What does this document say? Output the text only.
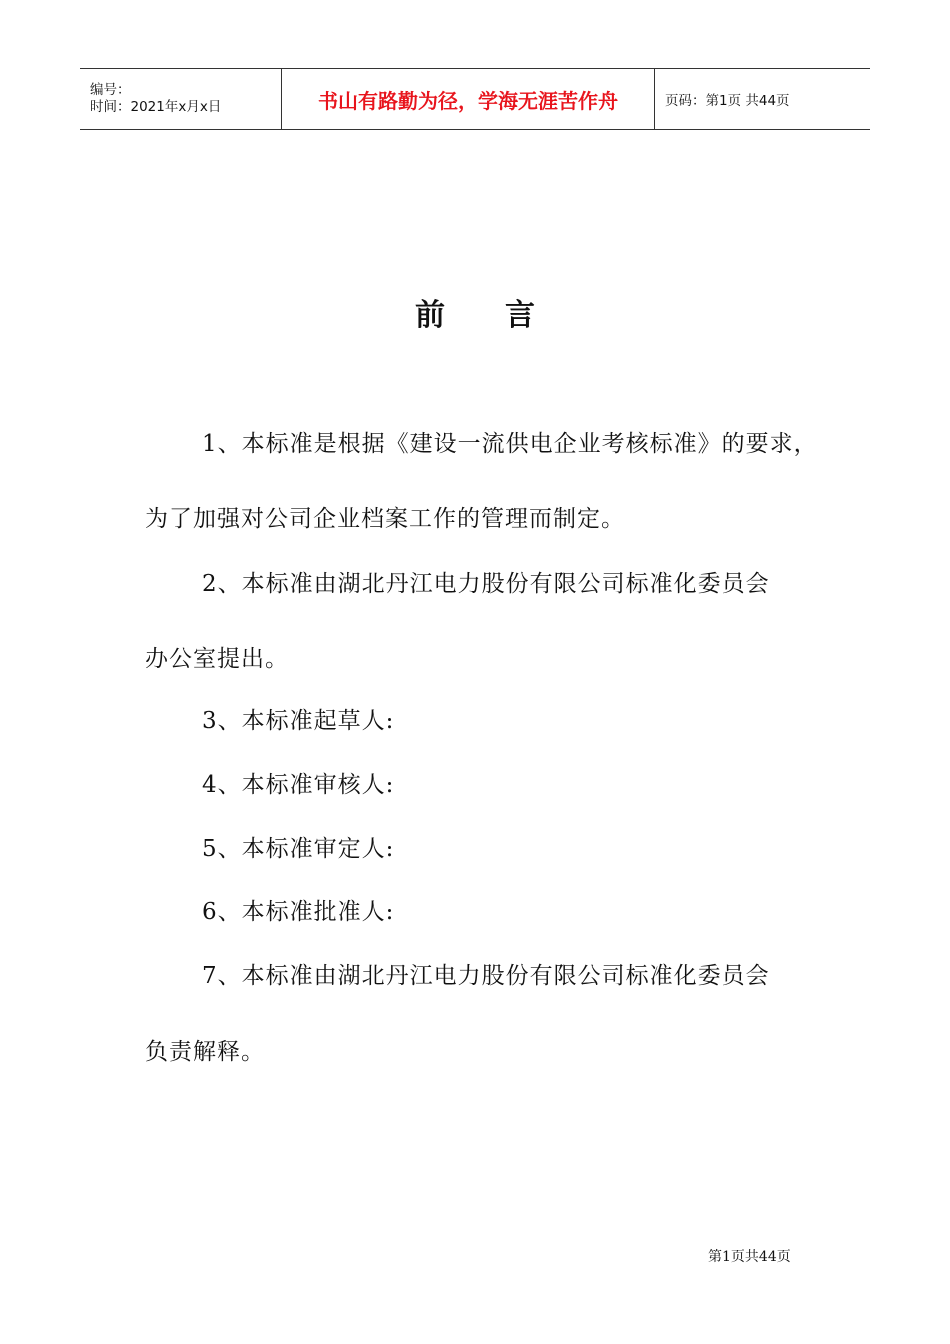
编号：
时间：2021年x月x日	书山有路勤为径，学海无涯苦作舟	页码：第1页 共44页
前言
1、本标准是根据《建设一流供电企业考核标准》的要求，
为了加强对公司企业档案工作的管理而制定。
2、本标准由湖北丹江电力股份有限公司标准化委员会
办公室提出。
3、本标准起草人:
4、本标准审核人:
5、本标准审定人:
6、本标准批准人:
7、本标准由湖北丹江电力股份有限公司标准化委员会
负责解释。
第1页共44页
